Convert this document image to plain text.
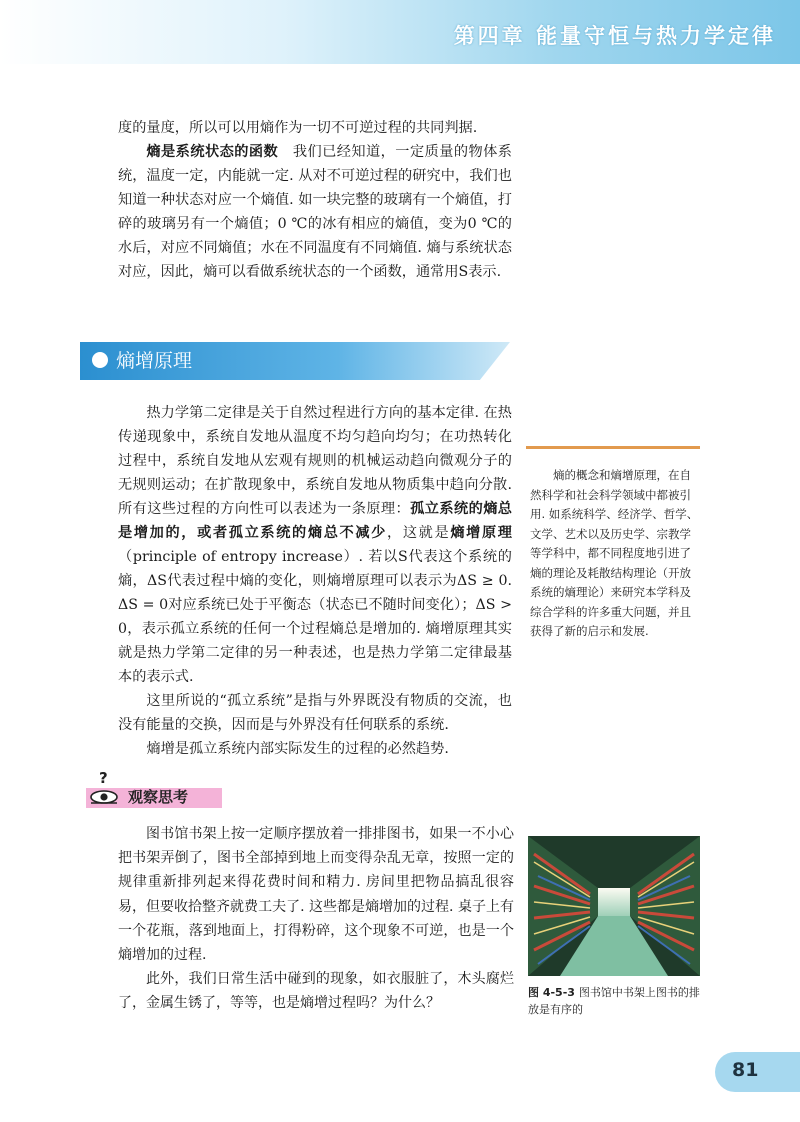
第四章 能量守恒与热力学定律

度的量度，所以可以用熵作为一切不可逆过程的共同判据.

熵是系统状态的函数　我们已经知道，一定质量的物体系统，温度一定，内能就一定. 从对不可逆过程的研究中，我们也知道一种状态对应一个熵值. 如一块完整的玻璃有一个熵值，打碎的玻璃另有一个熵值；0 ℃的冰有相应的熵值，变为0 ℃的水后，对应不同熵值；水在不同温度有不同熵值. 熵与系统状态对应，因此，熵可以看做系统状态的一个函数，通常用S表示.

熵增原理

热力学第二定律是关于自然过程进行方向的基本定律. 在热传递现象中，系统自发地从温度不均匀趋向均匀；在功热转化过程中，系统自发地从宏观有规则的机械运动趋向微观分子的无规则运动；在扩散现象中，系统自发地从物质集中趋向分散. 所有这些过程的方向性可以表述为一条原理：孤立系统的熵总是增加的，或者孤立系统的熵总不减少，这就是熵增原理（principle of entropy increase）. 若以S代表这个系统的熵，ΔS代表过程中熵的变化，则熵增原理可以表示为ΔS ≥ 0. ΔS = 0对应系统已处于平衡态（状态已不随时间变化）；ΔS > 0，表示孤立系统的任何一个过程熵总是增加的. 熵增原理其实就是热力学第二定律的另一种表述，也是热力学第二定律最基本的表示式.

这里所说的“孤立系统”是指与外界既没有物质的交流，也没有能量的交换，因而是与外界没有任何联系的系统.

熵增是孤立系统内部实际发生的过程的必然趋势.

熵的概念和熵增原理，在自然科学和社会科学领域中都被引用. 如系统科学、经济学、哲学、文学、艺术以及历史学、宗教学等学科中，都不同程度地引进了熵的理论及耗散结构理论（开放系统的熵理论）来研究本学科及综合学科的许多重大问题，并且获得了新的启示和发展.

?
观察思考

图书馆书架上按一定顺序摆放着一排排图书，如果一不小心把书架弄倒了，图书全部掉到地上而变得杂乱无章，按照一定的规律重新排列起来得花费时间和精力. 房间里把物品搞乱很容易，但要收拾整齐就费工夫了. 这些都是熵增加的过程. 桌子上有一个花瓶，落到地面上，打得粉碎，这个现象不可逆，也是一个熵增加的过程.

此外，我们日常生活中碰到的现象，如衣服脏了，木头腐烂了，金属生锈了，等等，也是熵增过程吗？为什么？

图 4-5-3 图书馆中书架上图书的排放是有序的
81
